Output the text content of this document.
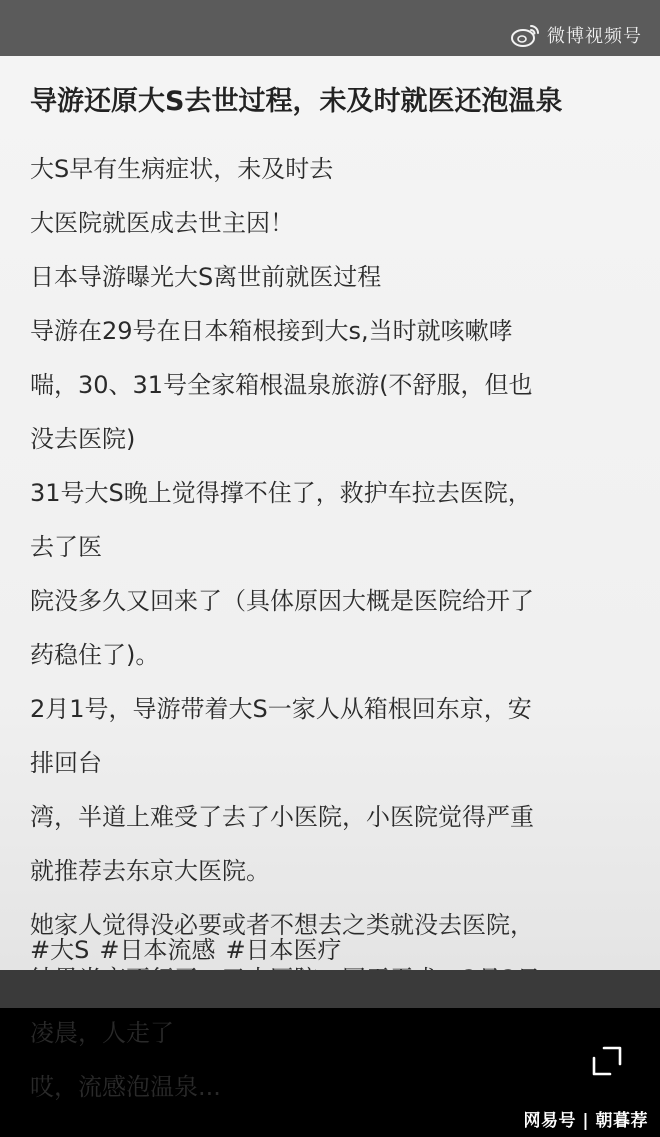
微博视频号
导游还原大S去世过程，未及时就医还泡温泉

大S早有生病症状，未及时去

大医院就医成去世主因！

日本导游曝光大S离世前就医过程

导游在29号在日本箱根接到大s,当时就咳嗽哮

喘，30、31号全家箱根温泉旅游(不舒服，但也

没去医院)

31号大S晚上觉得撑不住了，救护车拉去医院，

去了医

院没多久又回来了（具体原因大概是医院给开了

药稳住了)。

2月1号，导游带着大S一家人从箱根回东京，安

排回台

湾，半道上难受了去了小医院，小医院觉得严重

就推荐去东京大医院。

她家人觉得没必要或者不想去之类就没去医院，

凌晨，人走了

哎，流感泡温泉...

#大S #日本流感 #日本医疗
网易号 | 朝暮荐
